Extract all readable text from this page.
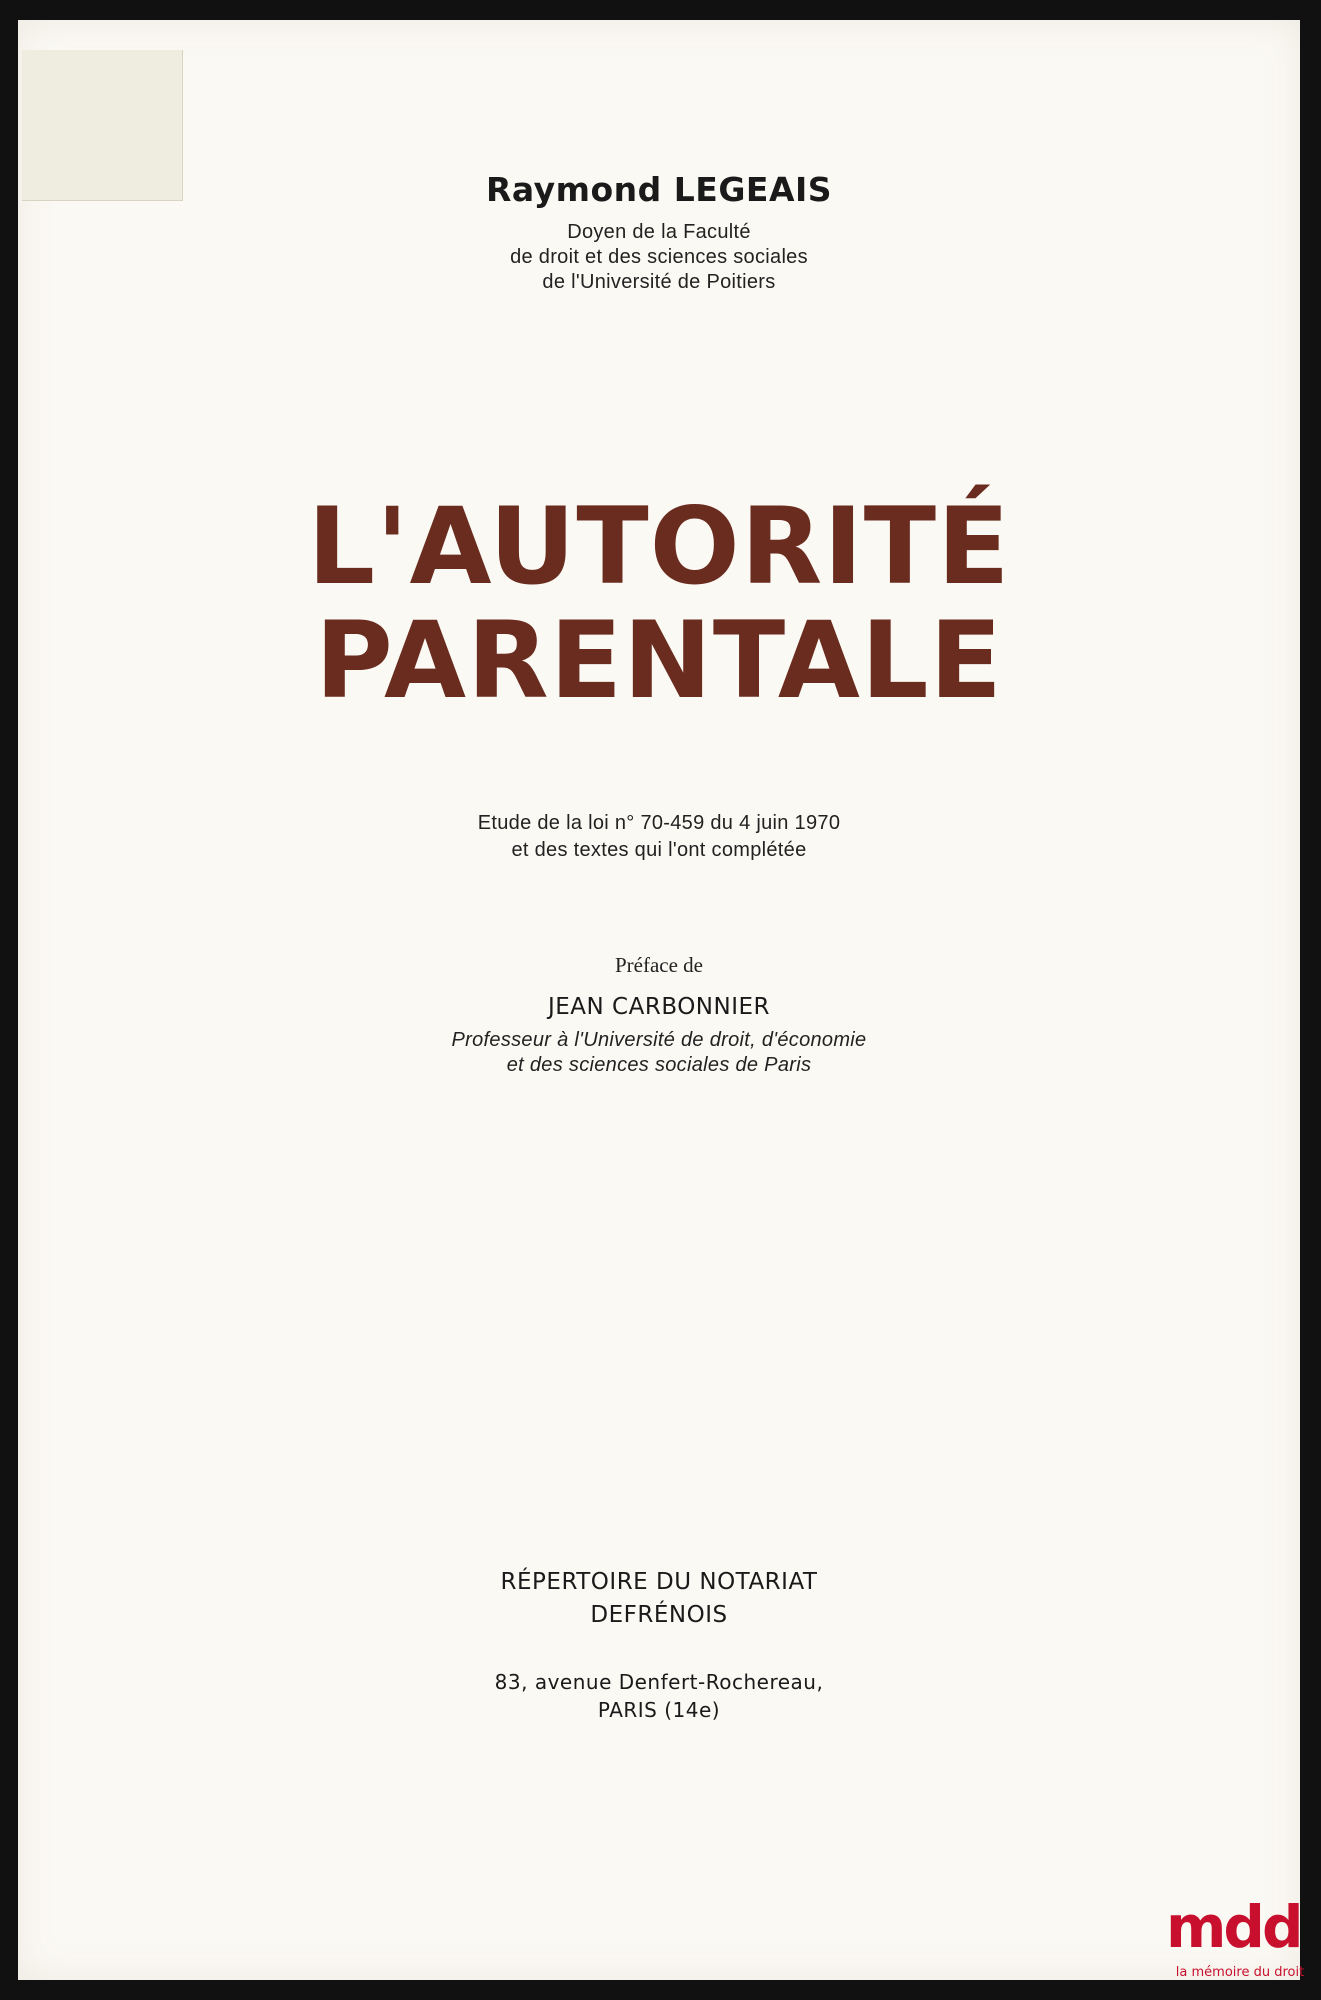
Raymond LEGEAIS
Doyen de la Faculté
de droit et des sciences sociales
de l'Université de Poitiers
L'AUTORITÉ
PARENTALE
Etude de la loi n° 70-459 du 4 juin 1970
et des textes qui l'ont complétée
Préface de
JEAN CARBONNIER
Professeur à l'Université de droit, d'économie
et des sciences sociales de Paris
RÉPERTOIRE DU NOTARIAT
DEFRÉNOIS
83, avenue Denfert-Rochereau,
PARIS (14e)
mdd
la mémoire du droit
